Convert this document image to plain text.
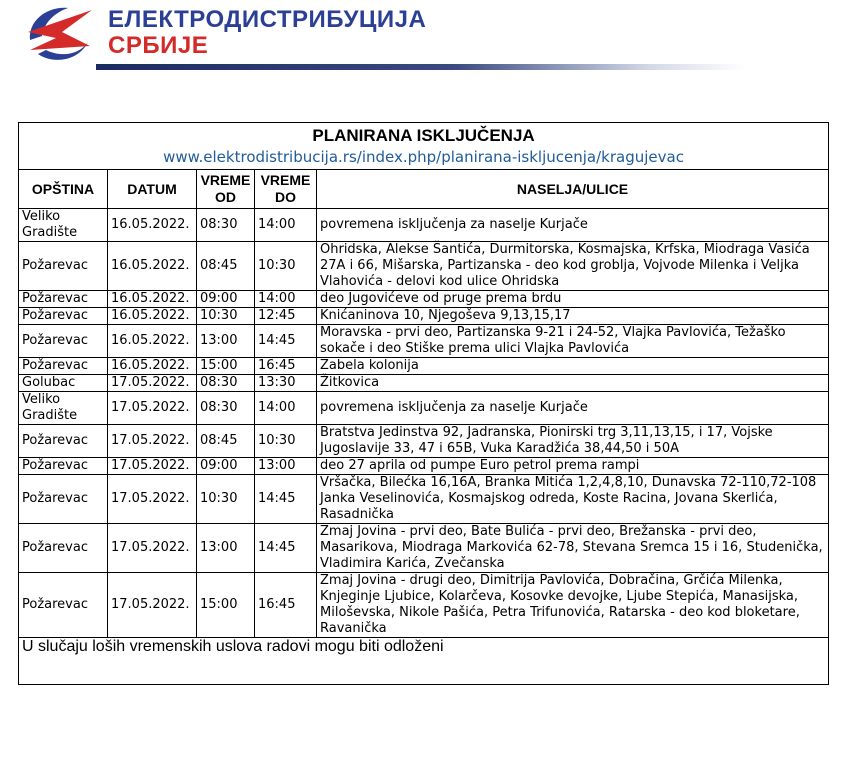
ЕЛЕКТРОДИСТРИБУЦИЈА
СРБИЈЕ
PLANIRANA ISKLJUČENJA
www.elektrodistribucija.rs/index.php/planirana-iskljucenja/kragujevac				
OPŠTINA	DATUM	VREME OD	VREME DO	NASELJA/ULICE
Veliko Gradište	16.05.2022.	08:30	14:00	povremena isključenja za naselje Kurjače
Požarevac	16.05.2022.	08:45	10:30	Ohridska, Alekse Šantića, Durmitorska, Kosmajska, Krfska, Miodraga Vasića 27A i 66, Mišarska, Partizanska - deo kod groblja, Vojvode Milenka i Veljka Vlahovića - delovi kod ulice Ohridska
Požarevac	16.05.2022.	09:00	14:00	deo Jugovićeve od pruge prema brdu
Požarevac	16.05.2022.	10:30	12:45	Knićaninova 10, Njegoševa 9,13,15,17
Požarevac	16.05.2022.	13:00	14:45	Moravska - prvi deo, Partizanska 9-21 i 24-52, Vlajka Pavlovića, Težaško sokače i deo Stiške prema ulici Vlajka Pavlovića
Požarevac	16.05.2022.	15:00	16:45	Zabela kolonija
Golubac	17.05.2022.	08:30	13:30	Žitkovica
Veliko Gradište	17.05.2022.	08:30	14:00	povremena isključenja za naselje Kurjače
Požarevac	17.05.2022.	08:45	10:30	Bratstva Jedinstva 92, Jadranska, Pionirski trg 3,11,13,15, i 17, Vojske Jugoslavije 33, 47 i 65B, Vuka Karadžića 38,44,50 i 50A
Požarevac	17.05.2022.	09:00	13:00	deo 27 aprila od pumpe Euro petrol prema rampi
Požarevac	17.05.2022.	10:30	14:45	Vršačka, Bilećka 16,16A, Branka Mitića 1,2,4,8,10, Dunavska 72-110,72-108 Janka Veselinovića, Kosmajskog odreda, Koste Racina, Jovana Skerlića, Rasadnička
Požarevac	17.05.2022.	13:00	14:45	Zmaj Jovina - prvi deo, Bate Bulića - prvi deo, Brežanska - prvi deo, Masarikova, Miodraga Markovića 62-78, Stevana Sremca 15 i 16, Studenička, Vladimira Karića, Zvečanska
Požarevac	17.05.2022.	15:00	16:45	Zmaj Jovina - drugi deo, Dimitrija Pavlovića, Dobračina, Grčića Milenka, Knjeginje Ljubice, Kolarčeva, Kosovke devojke, Ljube Stepića, Manasijska, Miloševska, Nikole Pašića, Petra Trifunovića, Ratarska - deo kod bloketare, Ravanička
U slučaju loših vremenskih uslova radovi mogu biti odloženi				
